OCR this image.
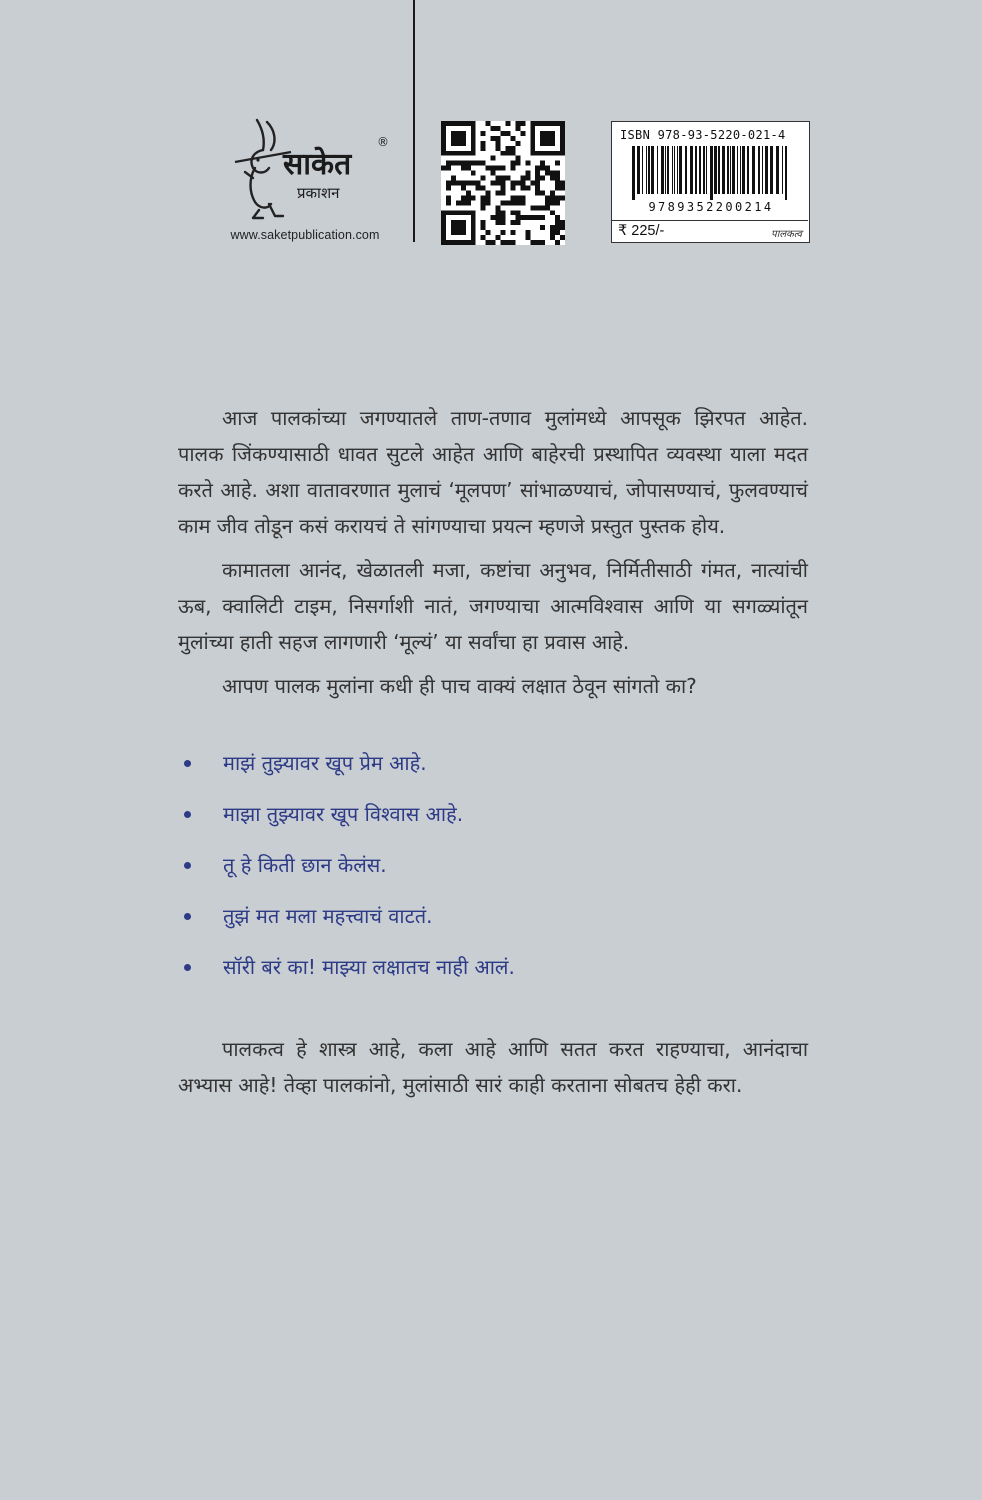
साकेत
प्रकाशन
®
www.saketpublication.com
ISBN 978-93-5220-021-4
9789352200214
₹ 225/-	पालकत्व

आज पालकांच्या जगण्यातले ताण-तणाव मुलांमध्ये आपसूक झिरपत आहेत. पालक जिंकण्यासाठी धावत सुटले आहेत आणि बाहेरची प्रस्थापित व्यवस्था याला मदत करते आहे. अशा वातावरणात मुलाचं ‘मूलपण’ सांभाळण्याचं, जोपासण्याचं, फुलवण्याचं काम जीव तोडून कसं करायचं ते सांगण्याचा प्रयत्न म्हणजे प्रस्तुत पुस्तक होय.

कामातला आनंद, खेळातली मजा, कष्टांचा अनुभव, निर्मितीसाठी गंमत, नात्यांची ऊब, क्वालिटी टाइम, निसर्गाशी नातं, जगण्याचा आत्मविश्वास आणि या सगळ्यांतून मुलांच्या हाती सहज लागणारी ‘मूल्यं’ या सर्वांचा हा प्रवास आहे.

आपण पालक मुलांना कधी ही पाच वाक्यं लक्षात ठेवून सांगतो का?

माझं तुझ्यावर खूप प्रेम आहे.
माझा तुझ्यावर खूप विश्वास आहे.
तू हे किती छान केलंस.
तुझं मत मला महत्त्वाचं वाटतं.
सॉरी बरं का! माझ्या लक्षातच नाही आलं.

पालकत्व हे शास्त्र आहे, कला आहे आणि सतत करत राहण्याचा, आनंदाचा अभ्यास आहे! तेव्हा पालकांनो, मुलांसाठी सारं काही करताना सोबतच हेही करा.
